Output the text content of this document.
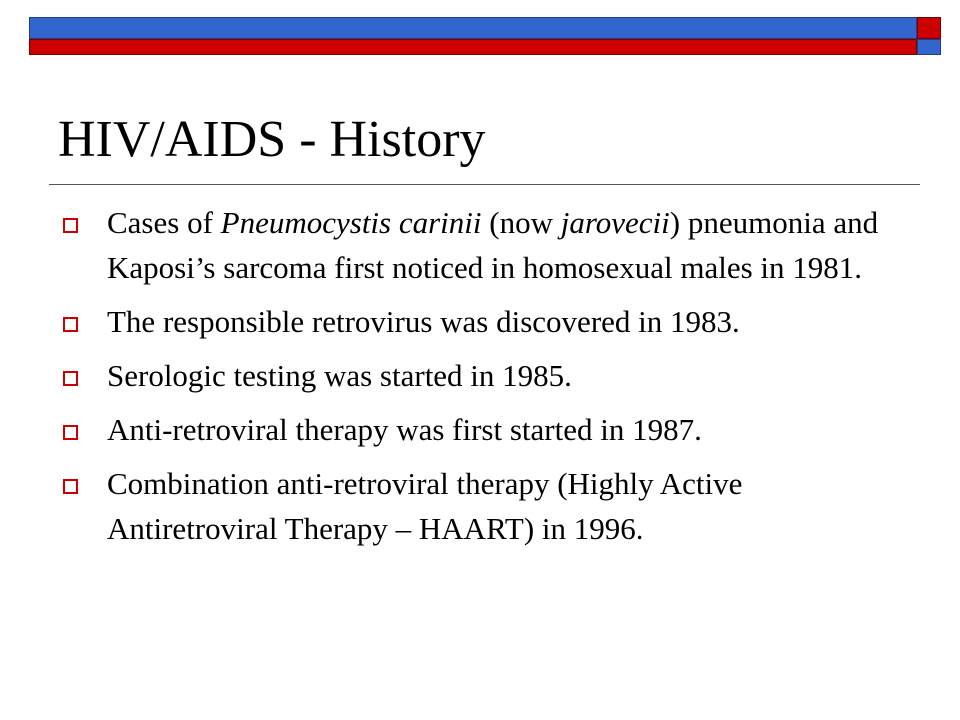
HIV/AIDS - History
Cases of Pneumocystis carinii (now jarovecii) pneumonia and Kaposi’s sarcoma first noticed in homosexual males in 1981.
The responsible retrovirus was discovered in 1983.
Serologic testing was started in 1985.
Anti-retroviral therapy was first started in 1987.
Combination anti-retroviral therapy (Highly Active Antiretroviral Therapy – HAART) in 1996.
